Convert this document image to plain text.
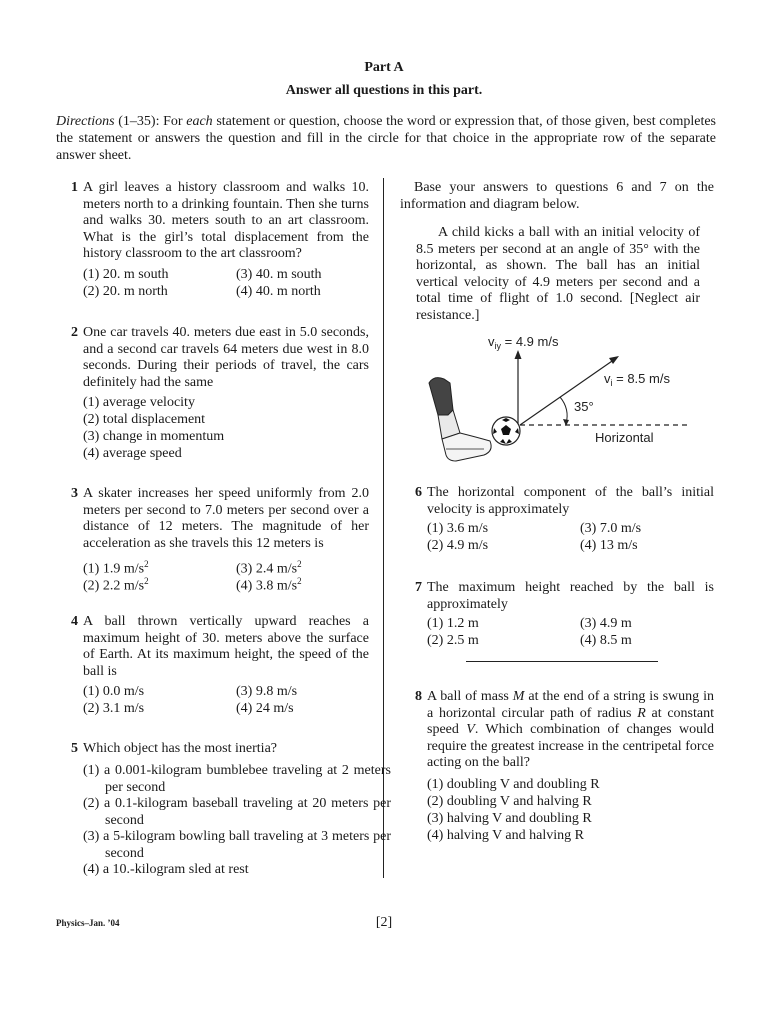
Part A
Answer all questions in this part.
Directions (1–35): For each statement or question, choose the word or expression that, of those given, best completes the statement or answers the question and fill in the circle for that choice in the appropriate row of the separate answer sheet.
1 A girl leaves a history classroom and walks 10. meters north to a drinking fountain. Then she turns and walks 30. meters south to an art classroom. What is the girl’s total displacement from the history classroom to the art classroom?
(1) 20. m south	(3) 40. m south
(2) 20. m north	(4) 40. m north
2 One car travels 40. meters due east in 5.0 seconds, and a second car travels 64 meters due west in 8.0 seconds. During their periods of travel, the cars definitely had the same
(1) average velocity
(2) total displacement
(3) change in momentum
(4) average speed
3 A skater increases her speed uniformly from 2.0 meters per second to 7.0 meters per second over a distance of 12 meters. The magnitude of her acceleration as she travels this 12 meters is
(1) 1.9 $m/s^2$	(3) 2.4 $m/s^2$
(2) 2.2 $m/s^2$	(4) 3.8 $m/s^2$
4 A ball thrown vertically upward reaches a maximum height of 30. meters above the surface of Earth. At its maximum height, the speed of the ball is
(1) 0.0 m/s	(3) 9.8 m/s
(2) 3.1 m/s	(4) 24 m/s
5 Which object has the most inertia?
(1) a 0.001-kilogram bumblebee traveling at 2 meters per second
(2) a 0.1-kilogram baseball traveling at 20 meters per second
(3) a 5-kilogram bowling ball traveling at 3 meters per second
(4) a 10.-kilogram sled at rest
Base your answers to questions 6 and 7 on the information and diagram below.
A child kicks a ball with an initial velocity of 8.5 meters per second at an angle of 35° with the horizontal, as shown. The ball has an initial vertical velocity of 4.9 meters per second and a total time of flight of 1.0 second. [Neglect air resistance.]
$v_{iy} = 4.9$ m/s
$v_i = 8.5$ m/s
35°
Horizontal
6 The horizontal component of the ball’s initial velocity is approximately
(1) 3.6 m/s	(3) 7.0 m/s
(2) 4.9 m/s	(4) 13 m/s
7 The maximum height reached by the ball is approximately
(1) 1.2 m	(3) 4.9 m
(2) 2.5 m	(4) 8.5 m
8 A ball of mass M at the end of a string is swung in a horizontal circular path of radius R at constant speed V. Which combination of changes would require the greatest increase in the centripetal force acting on the ball?
(1) doubling V and doubling R
(2) doubling V and halving R
(3) halving V and doubling R
(4) halving V and halving R
Physics–Jan. ’04	[2]
